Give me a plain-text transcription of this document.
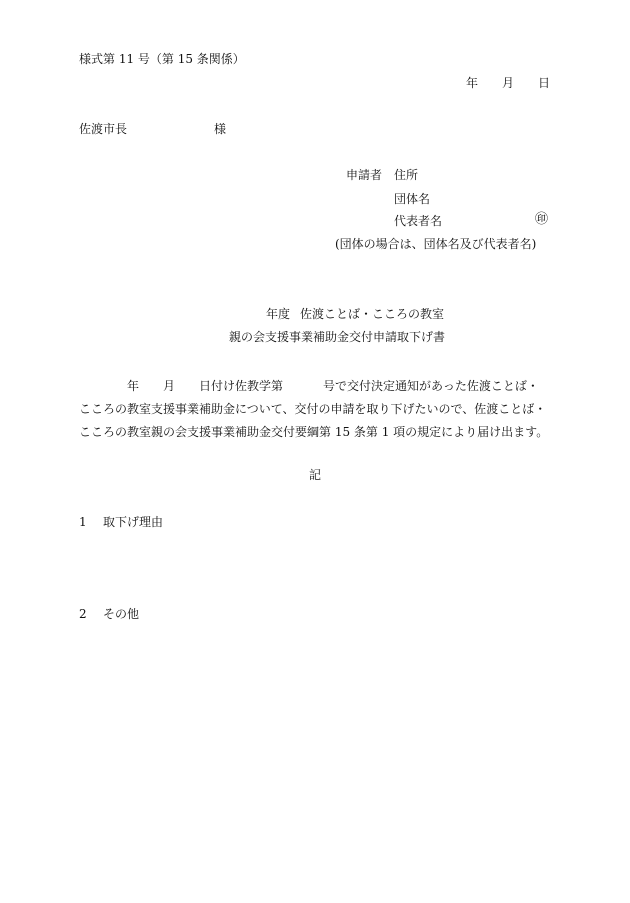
様式第 11 号（第 15 条関係）
年 月 日
佐渡市長	様
申請者 住所
団体名
代表者名	㊞
(団体の場合は、団体名及び代表者名)
年度 佐渡ことば・こころの教室
親の会支援事業補助金交付申請取下げ書

年 月 日付け佐教学第	号で交付決定通知があった佐渡ことば・

こころの教室支援事業補助金について、交付の申請を取り下げたいので、佐渡ことば・

こころの教室親の会支援事業補助金交付要綱第 15 条第 1 項の規定により届け出ます。

記
1 取下げ理由
2 その他
